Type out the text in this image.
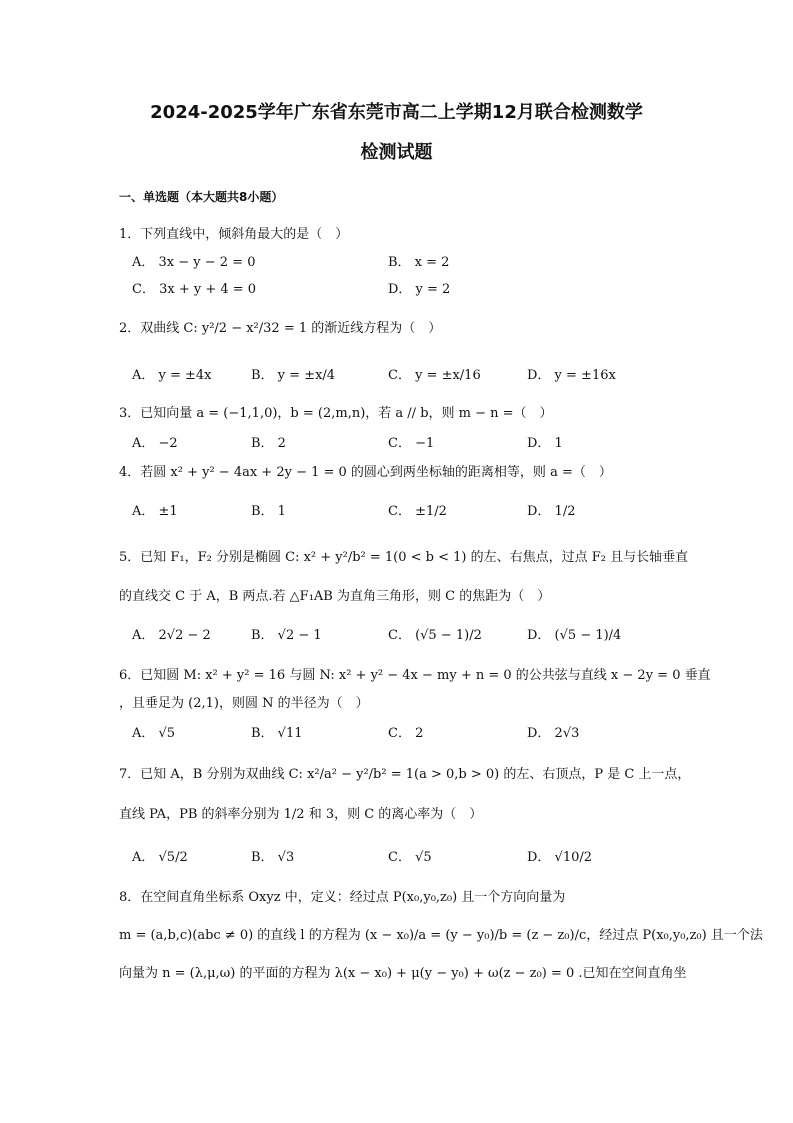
2024-2025学年广东省东莞市高二上学期12月联合检测数学
检测试题
一、单选题（本大题共8小题）
1．下列直线中，倾斜角最大的是（　）
A． 3x − y − 2 = 0	B． x = 2
C． 3x + y + 4 = 0	D． y = 2
2．双曲线 C: y²/2 − x²/32 = 1 的渐近线方程为（　）
A． y = ±4x	B． y = ±x/4	C． y = ±x/16	D． y = ±16x
3．已知向量 a = (−1,1,0)，b = (2,m,n)，若 a // b，则 m − n =（　）
A． −2	B． 2	C． −1	D． 1
4．若圆 x² + y² − 4ax + 2y − 1 = 0 的圆心到两坐标轴的距离相等，则 a =（　）
A． ±1	B． 1	C． ±1/2	D． 1/2
5．已知 F₁，F₂ 分别是椭圆 C: x² + y²/b² = 1(0 < b < 1) 的左、右焦点，过点 F₂ 且与长轴垂直
的直线交 C 于 A，B 两点.若 △F₁AB 为直角三角形，则 C 的焦距为（　）
A． 2√2 − 2	B． √2 − 1	C． (√5 − 1)/2	D． (√5 − 1)/4
6．已知圆 M: x² + y² = 16 与圆 N: x² + y² − 4x − my + n = 0 的公共弦与直线 x − 2y = 0 垂直
，且垂足为 (2,1)，则圆 N 的半径为（　）
A． √5	B． √11	C． 2	D． 2√3
7．已知 A，B 分别为双曲线 C: x²/a² − y²/b² = 1(a > 0,b > 0) 的左、右顶点，P 是 C 上一点，
直线 PA，PB 的斜率分别为 1/2 和 3，则 C 的离心率为（　）
A． √5/2	B． √3	C． √5	D． √10/2
8．在空间直角坐标系 Oxyz 中，定义：经过点 P(x₀,y₀,z₀) 且一个方向向量为
m = (a,b,c)(abc ≠ 0) 的直线 l 的方程为 (x − x₀)/a = (y − y₀)/b = (z − z₀)/c，经过点 P(x₀,y₀,z₀) 且一个法
向量为 n = (λ,μ,ω) 的平面的方程为 λ(x − x₀) + μ(y − y₀) + ω(z − z₀) = 0 .已知在空间直角坐
